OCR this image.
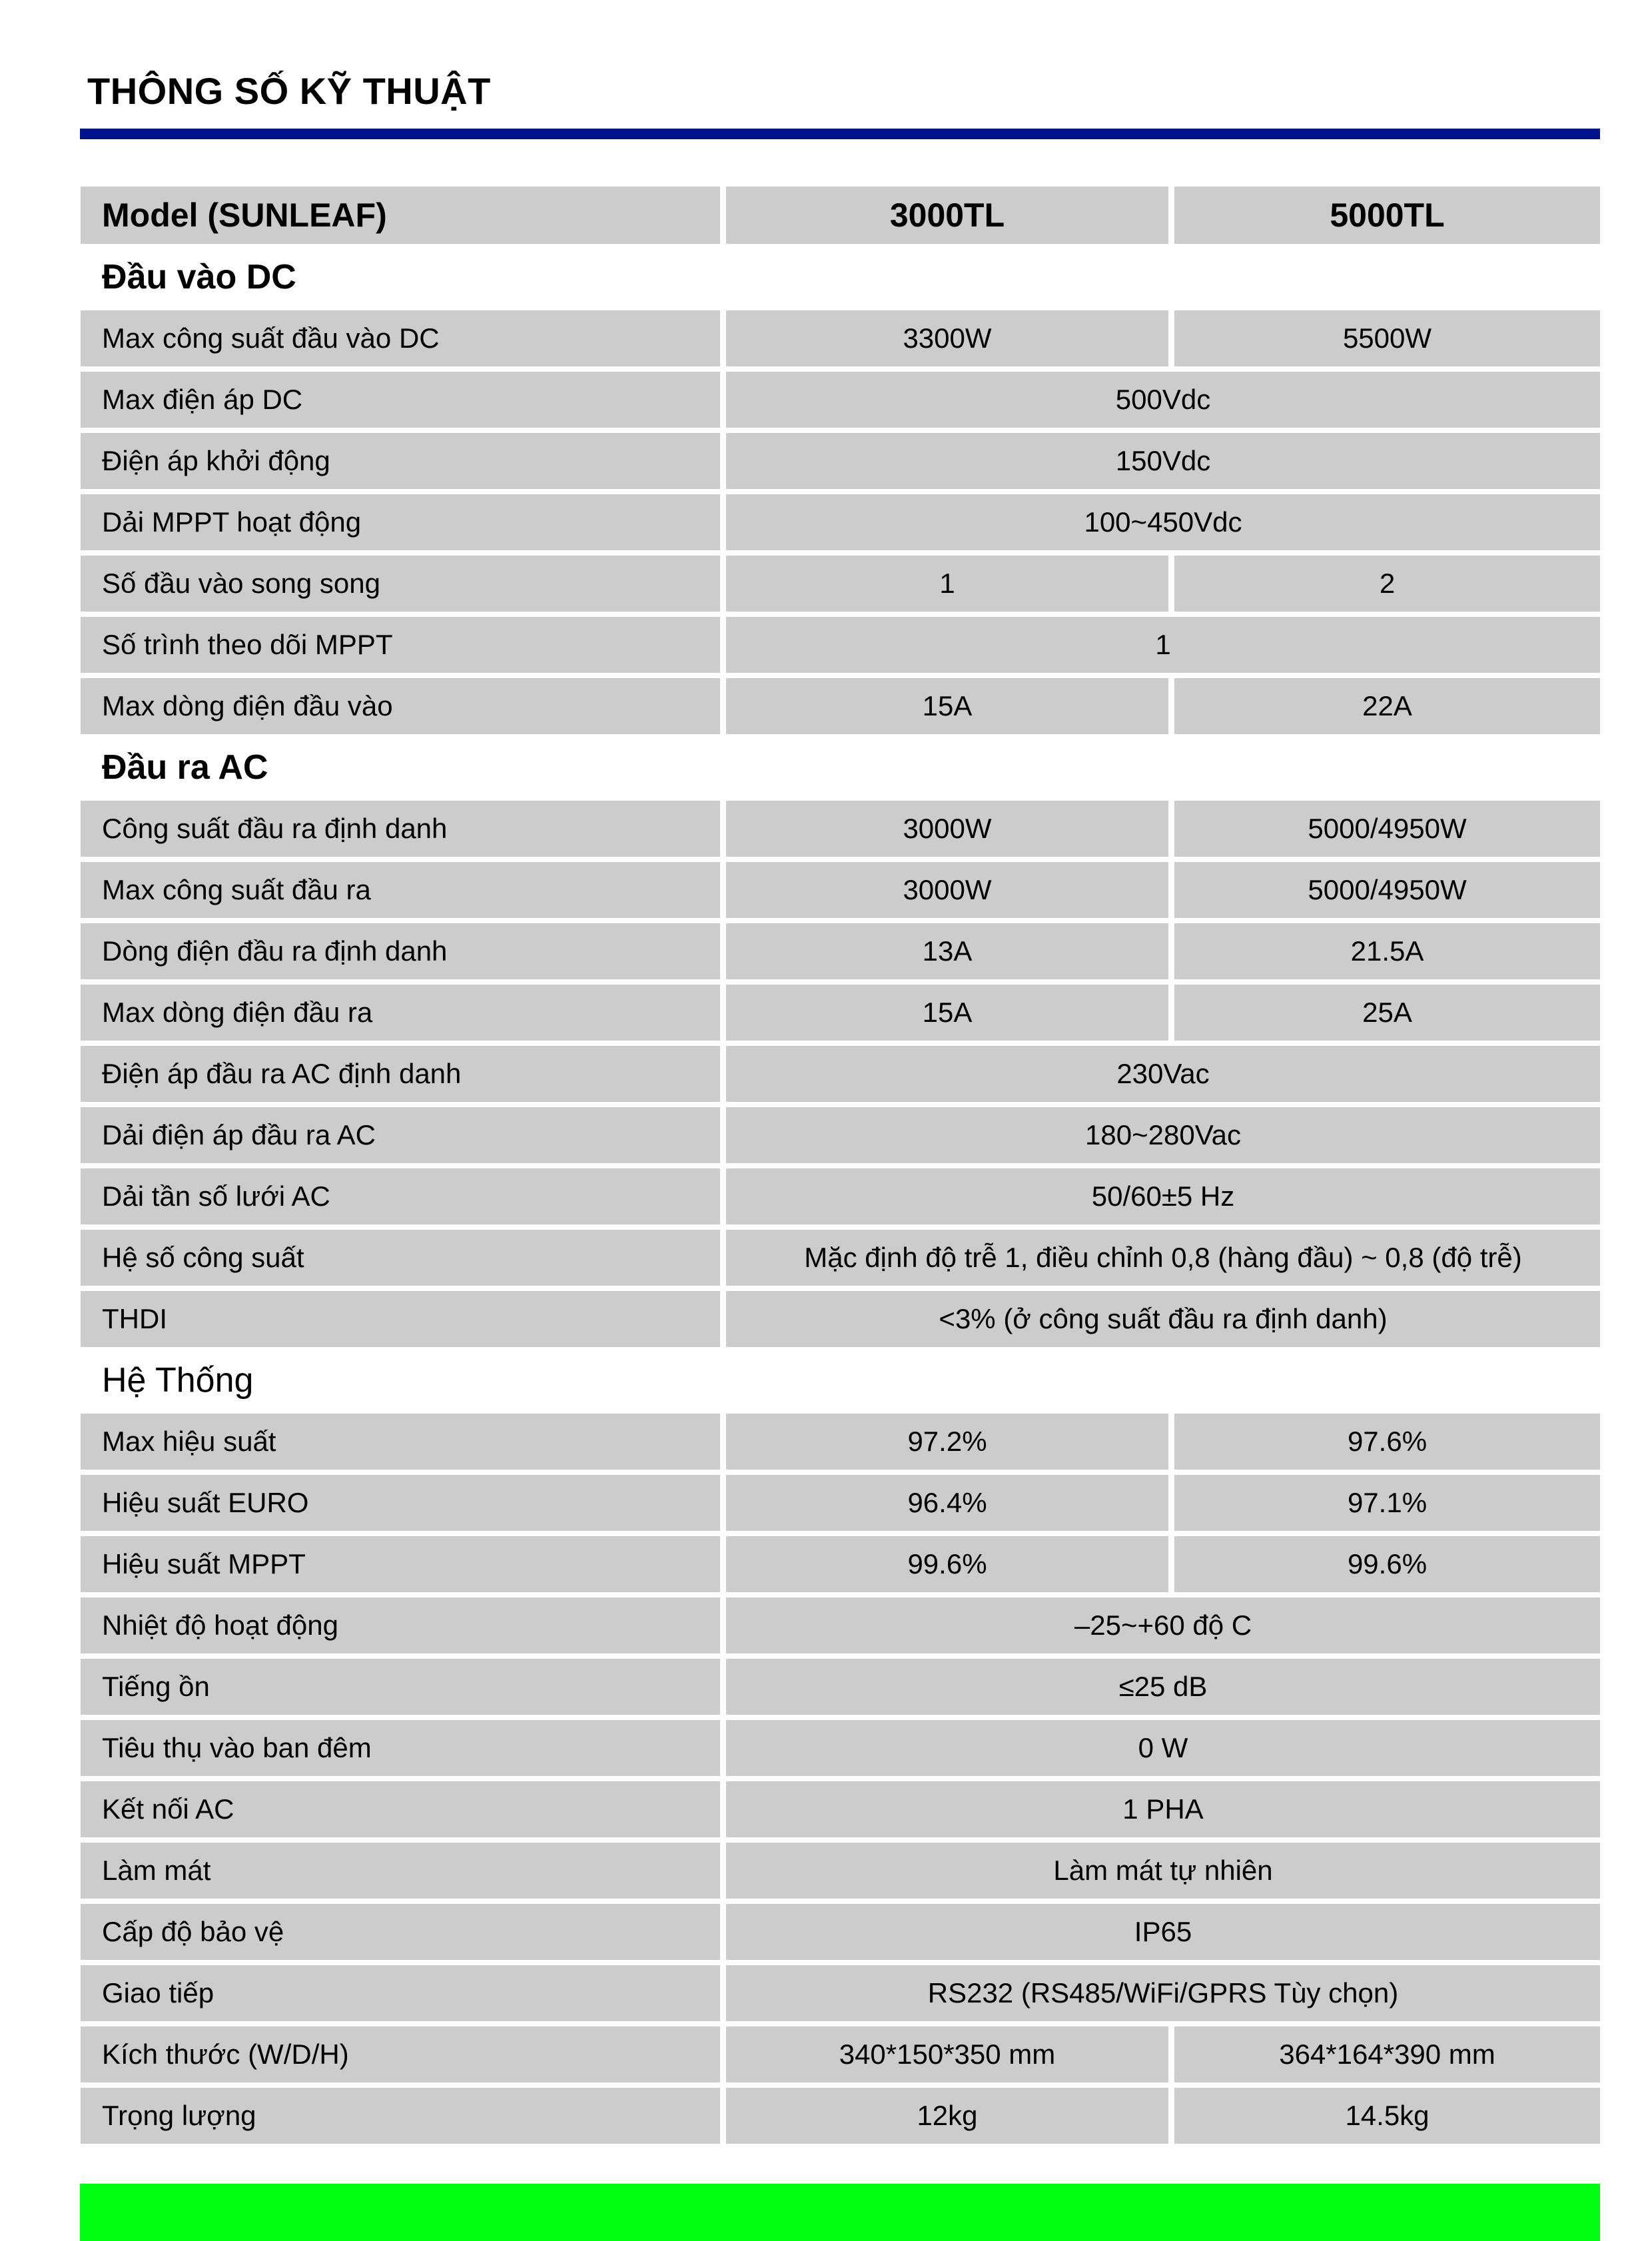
THÔNG SỐ KỸ THUẬT
Model (SUNLEAF)	3000TL	5000TL
Đầu vào DC
Max công suất đầu vào DC	3300W	5500W
Max điện áp DC	500Vdc
Điện áp khởi động	150Vdc
Dải MPPT hoạt động	100~450Vdc
Số đầu vào song song	1	2
Số trình theo dõi MPPT	1
Max dòng điện đầu vào	15A	22A
Đầu ra AC
Công suất đầu ra định danh	3000W	5000/4950W
Max công suất đầu ra	3000W	5000/4950W
Dòng điện đầu ra định danh	13A	21.5A
Max dòng điện đầu ra	15A	25A
Điện áp đầu ra AC định danh	230Vac
Dải điện áp đầu ra AC	180~280Vac
Dải tần số lưới AC	50/60±5 Hz
Hệ số công suất	Mặc định độ trễ 1, điều chỉnh 0,8 (hàng đầu) ~ 0,8 (độ trễ)
THDI	<3% (ở công suất đầu ra định danh)
Hệ Thống
Max hiệu suất	97.2%	97.6%
Hiệu suất EURO	96.4%	97.1%
Hiệu suất MPPT	99.6%	99.6%
Nhiệt độ hoạt động	–25~+60 độ C
Tiếng ồn	≤25 dB
Tiêu thụ vào ban đêm	0 W
Kết nối AC	1 PHA
Làm mát	Làm mát tự nhiên
Cấp độ bảo vệ	IP65
Giao tiếp	RS232 (RS485/WiFi/GPRS Tùy chọn)
Kích thước (W/D/H)	340*150*350 mm	364*164*390 mm
Trọng lượng	12kg	14.5kg
